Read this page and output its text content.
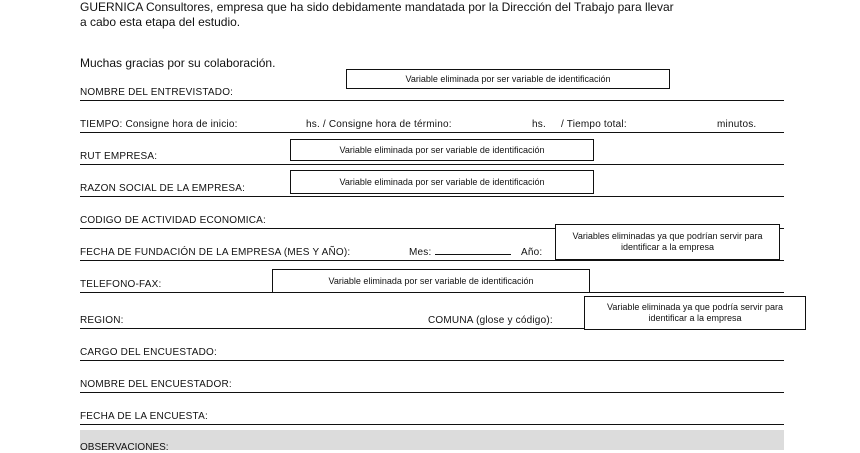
GUERNICA Consultores, empresa que ha sido debidamente mandatada por la Dirección del Trabajo para llevar

a cabo esta etapa del estudio.

Muchas gracias por su colaboración.
NOMBRE DEL ENTREVISTADO:
Variable eliminada por ser variable de identificación
TIEMPO: Consigne hora de inicio:	hs. / Consigne hora de término:	hs. / Tiempo total:	minutos.
RUT EMPRESA:
Variable eliminada por ser variable de identificación
RAZON SOCIAL DE LA EMPRESA:
Variable eliminada por ser variable de identificación
CODIGO DE ACTIVIDAD ECONOMICA:
FECHA DE FUNDACIÓN DE LA EMPRESA (MES Y AÑO):	Mes:	Año:
Variables eliminadas ya que podrían servir para identificar a la empresa
TELEFONO-FAX:	Variable eliminada por ser variable de identificación
REGION:	COMUNA (glose y código):
Variable eliminada ya que podría servir para identificar a la empresa
CARGO DEL ENCUESTADO:
NOMBRE DEL ENCUESTADOR:
FECHA DE LA ENCUESTA:
OBSERVACIONES:
